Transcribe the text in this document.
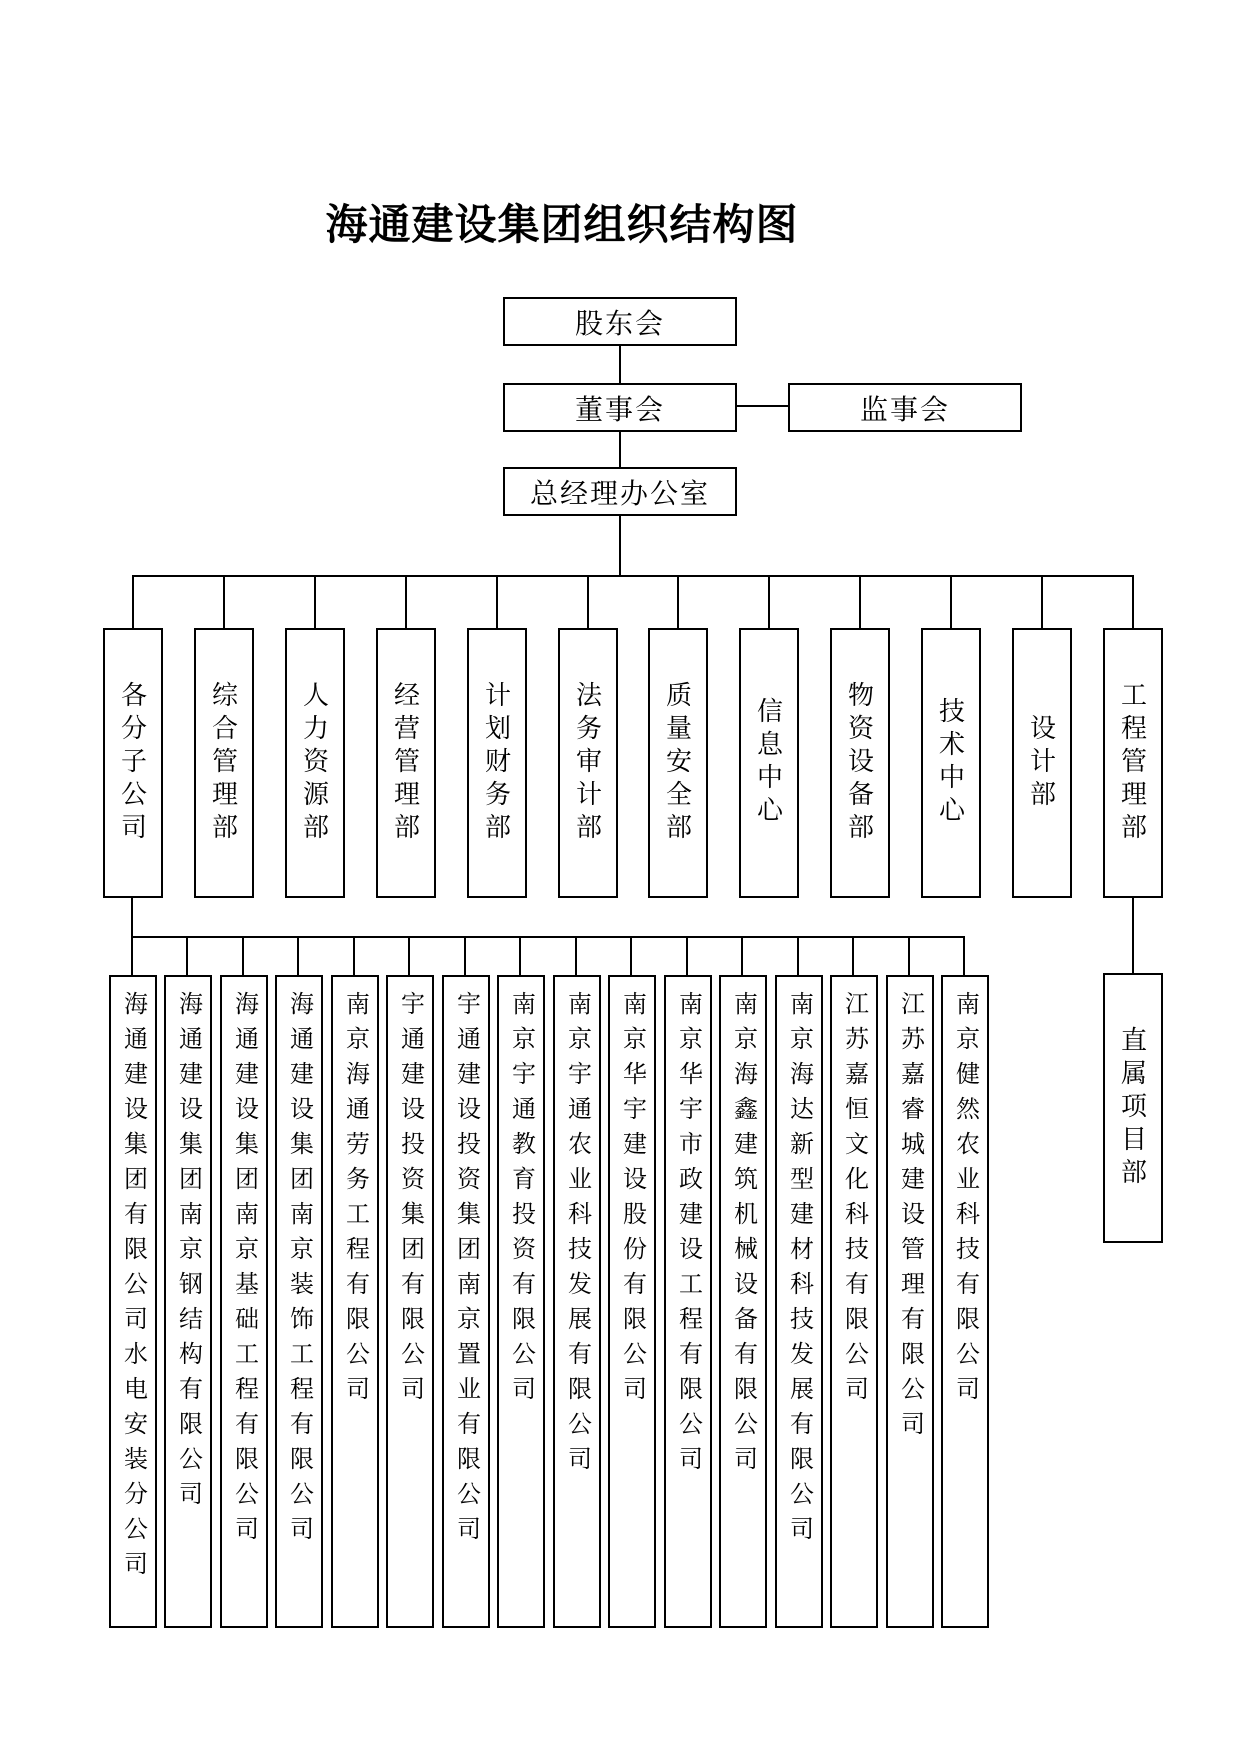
海通建设集团组织结构图
股东会
董事会	监事会
总经理办公室
各分子公司 综合管理部 人力资源部 经营管理部 计划财务部 法务审计部 质量安全部 信息中心 物资设备部 技术中心 设计部 工程管理部
海通建设集团有限公司水电安装分公司 海通建设集团南京钢结构有限公司 海通建设集团南京基础工程有限公司 海通建设集团南京装饰工程有限公司 南京海通劳务工程有限公司 宇通建设投资集团有限公司 宇通建设投资集团南京置业有限公司 南京宇通教育投资有限公司 南京宇通农业科技发展有限公司 南京华宇建设股份有限公司 南京华宇市政建设工程有限公司 南京海鑫建筑机械设备有限公司 南京海达新型建材科技发展有限公司 江苏嘉恒文化科技有限公司 江苏嘉睿城建设管理有限公司 南京健然农业科技有限公司	直属项目部
